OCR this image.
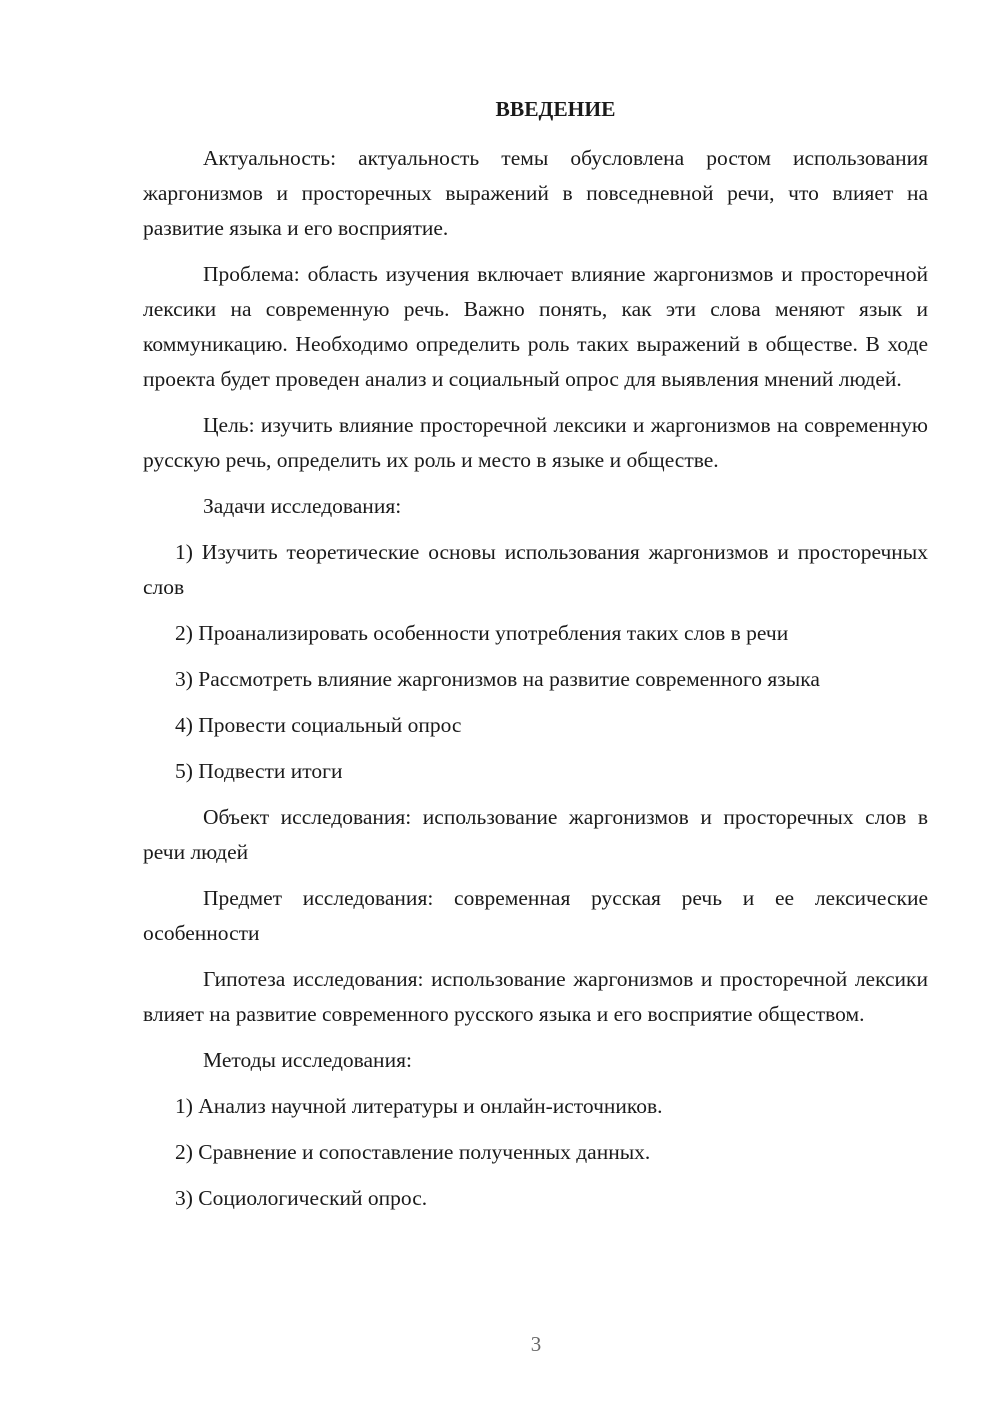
ВВЕДЕНИЕ

Актуальность: актуальность темы обусловлена ростом использования жаргонизмов и просторечных выражений в повседневной речи, что влияет на развитие языка и его восприятие.

Проблема: область изучения включает влияние жаргонизмов и просторечной лексики на современную речь. Важно понять, как эти слова меняют язык и коммуникацию. Необходимо определить роль таких выражений в обществе. В ходе проекта будет проведен анализ и социальный опрос для выявления мнений людей.

Цель: изучить влияние просторечной лексики и жаргонизмов на современную русскую речь, определить их роль и место в языке и обществе.

Задачи исследования:

1) Изучить теоретические основы использования жаргонизмов и просторечных слов

2) Проанализировать особенности употребления таких слов в речи

3) Рассмотреть влияние жаргонизмов на развитие современного языка

4) Провести социальный опрос

5) Подвести итоги

Объект исследования: использование жаргонизмов и просторечных слов в речи людей

Предмет исследования: современная русская речь и ее лексические особенности

Гипотеза исследования: использование жаргонизмов и просторечной лексики влияет на развитие современного русского языка и его восприятие обществом.

Методы исследования:

1) Анализ научной литературы и онлайн-источников.

2) Сравнение и сопоставление полученных данных.

3) Социологический опрос.

3
